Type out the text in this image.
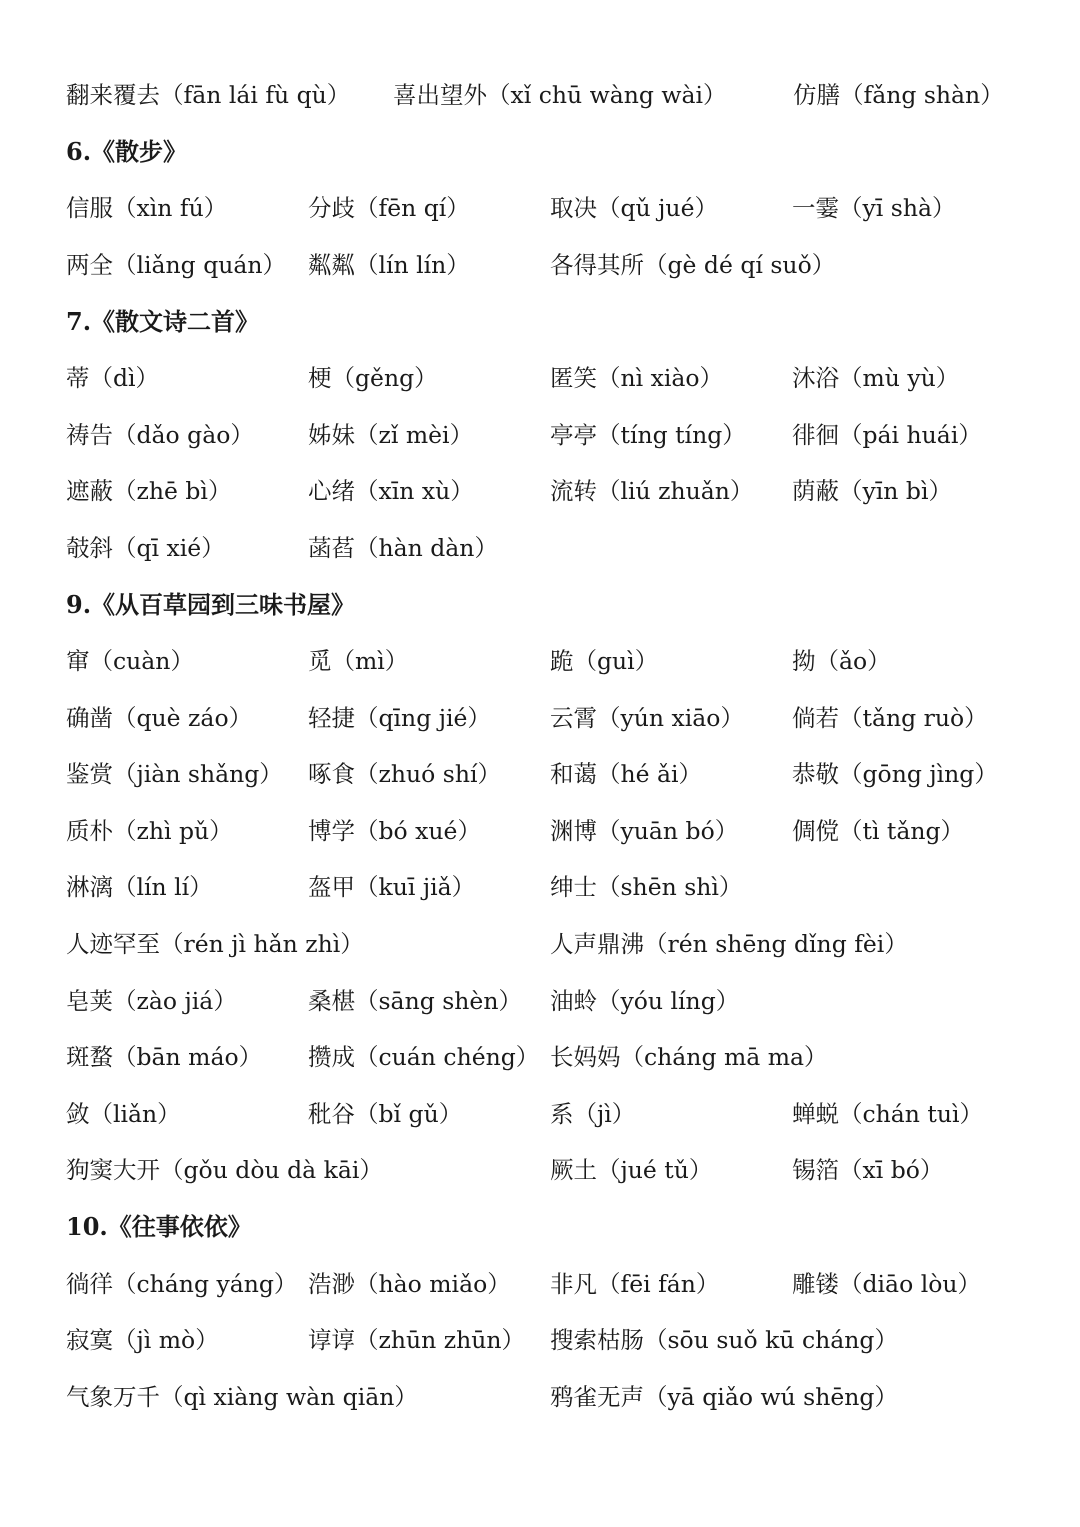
翻来覆去（fān lái fù qù） 喜出望外（xǐ chū wàng wài）	仿膳（fǎng shàn）
6.《散步》
信服（xìn fú）	分歧（fēn qí）	取决（qǔ jué）	一霎（yī shà）
两全（liǎng quán） 粼粼（lín lín）	各得其所（gè dé qí suǒ）
7.《散文诗二首》
蒂（dì）	梗（gěng）	匿笑（nì xiào）	沐浴（mù yù）
祷告（dǎo gào） 姊妹（zǐ mèi）	亭亭（tíng tíng） 徘徊（pái huái）
遮蔽（zhē bì）	心绪（xīn xù）	流转（liú zhuǎn） 荫蔽（yīn bì）
攲斜（qī xié）	菡萏（hàn dàn）
9.《从百草园到三味书屋》
窜（cuàn）	觅（mì）	跪（guì）	拗（ǎo）
确凿（què záo） 轻捷（qīng jié）	云霄（yún xiāo） 倘若（tǎng ruò）
鉴赏（jiàn shǎng） 啄食（zhuó shí） 和蔼（hé ǎi）	恭敬（gōng jìng）
质朴（zhì pǔ）	博学（bó xué）	渊博（yuān bó） 倜傥（tì tǎng）
淋漓（lín lí）	盔甲（kuī jiǎ）	绅士（shēn shì）
人迹罕至（rén jì hǎn zhì）	人声鼎沸（rén shēng dǐng fèi）
皂荚（zào jiá）	桑椹（sāng shèn） 油蛉（yóu líng）
斑蝥（bān máo） 攒成（cuán chéng） 长妈妈（cháng mā ma）
敛（liǎn）	秕谷（bǐ gǔ）	系（jì）	蝉蜕（chán tuì）
狗窦大开（gǒu dòu dà kāi）	厥土（jué tǔ）	锡箔（xī bó）
10.《往事依依》
徜徉（cháng yáng） 浩渺（hào miǎo） 非凡（fēi fán）	雕镂（diāo lòu）
寂寞（jì mò）	谆谆（zhūn zhūn） 搜索枯肠（sōu suǒ kū cháng）
气象万千（qì xiàng wàn qiān）	鸦雀无声（yā qiǎo wú shēng）
